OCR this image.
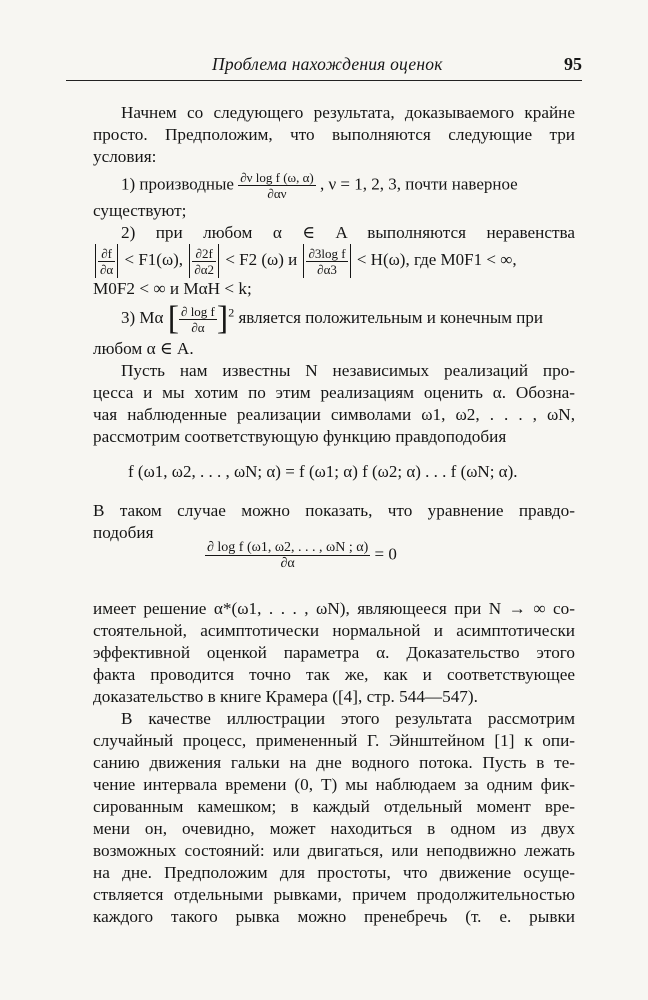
Проблема нахождения оценок	95
Начнем со следующего результата, доказываемого крайне
просто. Предположим, что выполняются следующие три
условия:
1) производные $\frac{\text{∂ν log f (ω, α)}}{\partial\alpha\nu}$ , ν = 1, 2, 3, почти наверное
существуют;
2) при любом α ∈ A выполняются неравенства
$\frac{\partial f}{\partial\alpha} < F1(\omega)$, $\frac{\partial 2f}{\partial\alpha 2} < F2$ (ω) и $\frac{\text{∂3log f}}{\partial\alpha 3} < H(\omega)$, где M0F1 < ∞,
M0F2 < ∞ и MαH < k;
3) Mα [ $\frac{\text{∂ log f}}{\partial\alpha} ]^2$ является положительным и конечным при
любом α ∈ A.
Пусть нам известны N независимых реализаций про-
цесса и мы хотим по этим реализациям оценить α. Обозна-
чая наблюденные реализации символами ω1, ω2, . . . , ωN,
рассмотрим соответствующую функцию правдоподобия
f (ω1, ω2, . . . , ωN; α) = f (ω1; α) f (ω2; α) . . . f (ωN; α).
В таком случае можно показать, что уравнение правдо-
подобия
$\frac{\text{∂ log f (ω1, ω2, . . . , ωN ; α)}}{\partial\alpha} = 0$
имеет решение α*(ω1, . . . , ωN), являющееся при N → ∞ со-
стоятельной, асимптотически нормальной и асимптотически
эффективной оценкой параметра α. Доказательство этого
факта проводится точно так же, как и соответствующее
доказательство в книге Крамера ([4], стр. 544—547).
В качестве иллюстрации этого результата рассмотрим
случайный процесс, примененный Г. Эйнштейном [1] к опи-
санию движения гальки на дне водного потока. Пусть в те-
чение интервала времени (0, T) мы наблюдаем за одним фик-
сированным камешком; в каждый отдельный момент вре-
мени он, очевидно, может находиться в одном из двух
возможных состояний: или двигаться, или неподвижно лежать
на дне. Предположим для простоты, что движение осуще-
ствляется отдельными рывками, причем продолжительностью
каждого такого рывка можно пренебречь (т. е. рывки
